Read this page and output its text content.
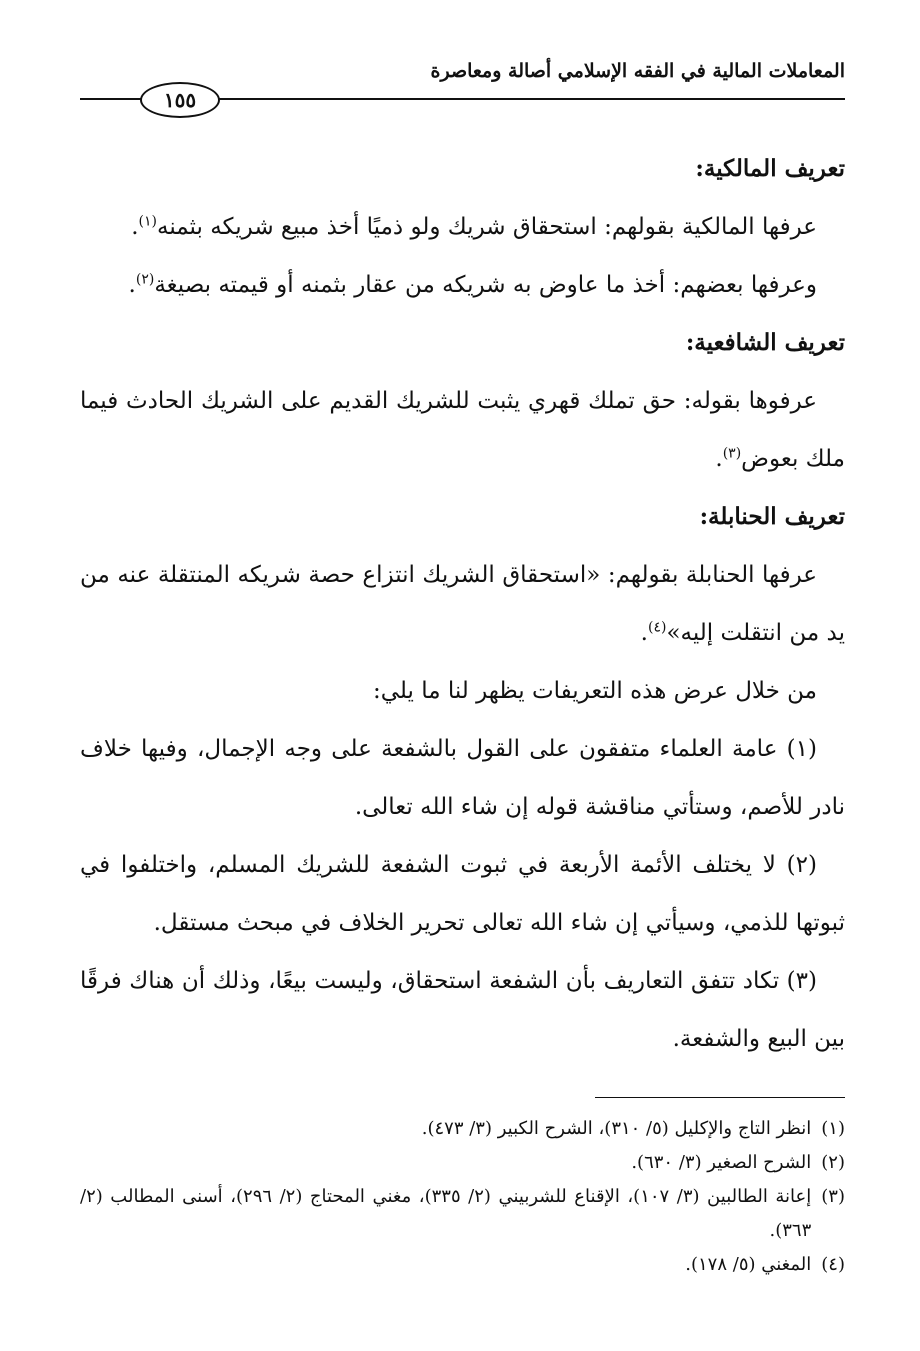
المعاملات المالية في الفقه الإسلامي أصالة ومعاصرة
١٥٥

تعريف المالكية:

عرفها المالكية بقولهم: استحقاق شريك ولو ذميًا أخذ مبيع شريكه بثمنه$^{(١)}$.

وعرفها بعضهم: أخذ ما عاوض به شريكه من عقار بثمنه أو قيمته بصيغة$^{(٢)}$.

تعريف الشافعية:

عرفوها بقوله: حق تملك قهري يثبت للشريك القديم على الشريك الحادث فيما ملك بعوض$^{(٣)}$.

تعريف الحنابلة:

عرفها الحنابلة بقولهم: «استحقاق الشريك انتزاع حصة شريكه المنتقلة عنه من يد من انتقلت إليه»$^{(٤)}$.

من خلال عرض هذه التعريفات يظهر لنا ما يلي:

(١) عامة العلماء متفقون على القول بالشفعة على وجه الإجمال، وفيها خلاف نادر للأصم، وستأتي مناقشة قوله إن شاء الله تعالى.

(٢) لا يختلف الأئمة الأربعة في ثبوت الشفعة للشريك المسلم، واختلفوا في ثبوتها للذمي، وسيأتي إن شاء الله تعالى تحرير الخلاف في مبحث مستقل.

(٣) تكاد تتفق التعاريف بأن الشفعة استحقاق، وليست بيعًا، وذلك أن هناك فرقًا بين البيع والشفعة.

(١)
انظر التاج والإكليل (٥/ ٣١٠)، الشرح الكبير (٣/ ٤٧٣).
(٢)
الشرح الصغير (٣/ ٦٣٠).
(٣)
إعانة الطالبين (٣/ ١٠٧)، الإقناع للشربيني (٢/ ٣٣٥)، مغني المحتاج (٢/ ٢٩٦)، أسنى المطالب (٢/ ٣٦٣).
(٤)
المغني (٥/ ١٧٨).
